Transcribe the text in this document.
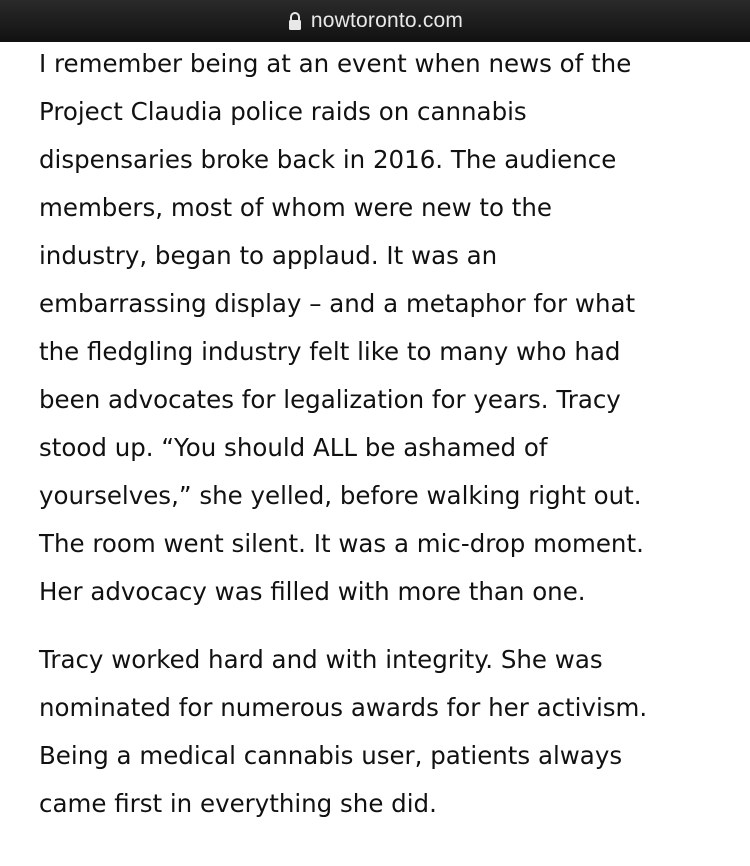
nowtoronto.com

I remember being at an event when news of the
Project Claudia police raids on cannabis
dispensaries broke back in 2016. The audience
members, most of whom were new to the
industry, began to applaud. It was an
embarrassing display – and a metaphor for what
the fledgling industry felt like to many who had
been advocates for legalization for years. Tracy
stood up. “You should ALL be ashamed of
yourselves,” she yelled, before walking right out.
The room went silent. It was a mic-drop moment.
Her advocacy was filled with more than one.

Tracy worked hard and with integrity. She was
nominated for numerous awards for her activism.
Being a medical cannabis user, patients always
came first in everything she did.
